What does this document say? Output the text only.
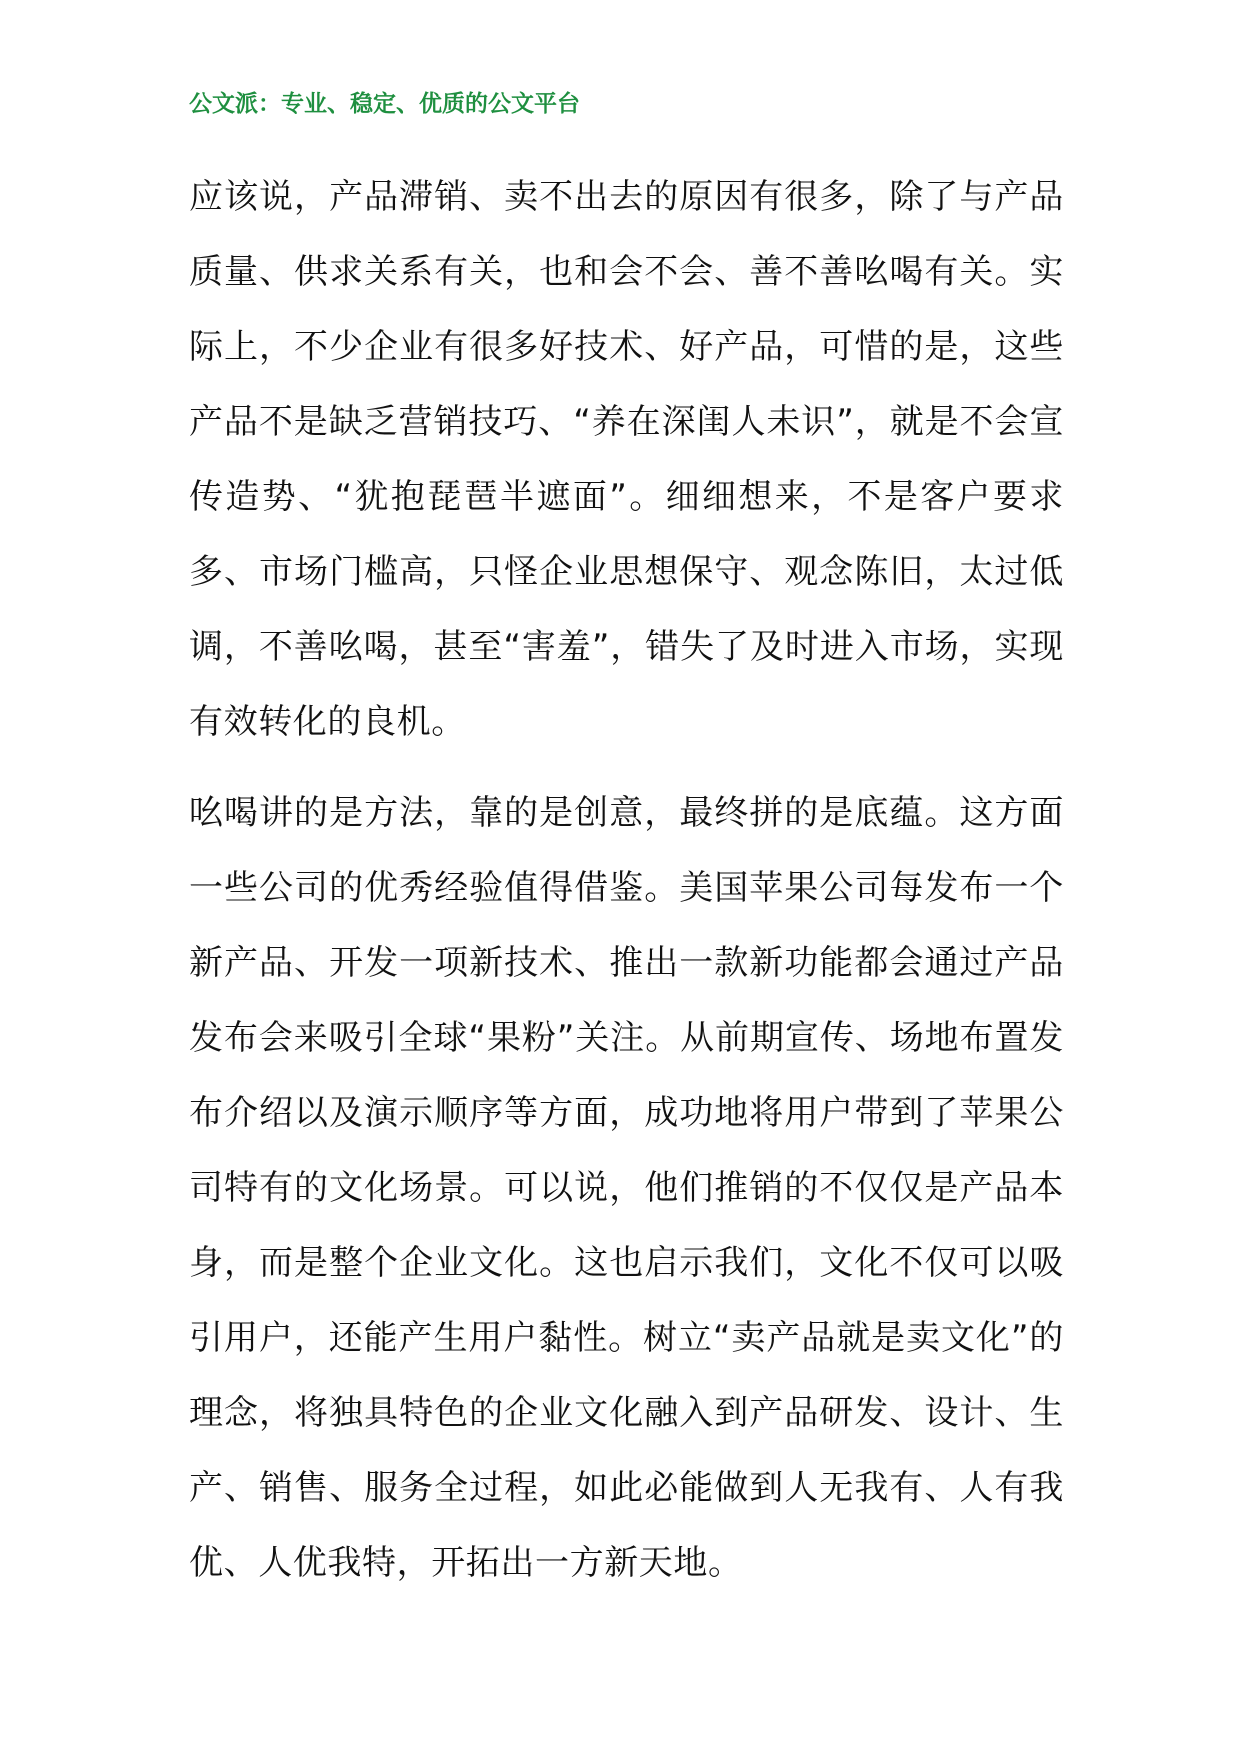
公文派：专业、稳定、优质的公文平台

应该说，产品滞销、卖不出去的原因有很多，除了与产品质量、供求关系有关，也和会不会、善不善吆喝有关。实际上，不少企业有很多好技术、好产品，可惜的是，这些产品不是缺乏营销技巧、“养在深闺人未识”，就是不会宣传造势、“犹抱琵琶半遮面”。细细想来，不是客户要求多、市场门槛高，只怪企业思想保守、观念陈旧，太过低调，不善吆喝，甚至“害羞”，错失了及时进入市场，实现有效转化的良机。

吆喝讲的是方法，靠的是创意，最终拼的是底蕴。这方面一些公司的优秀经验值得借鉴。美国苹果公司每发布一个新产品、开发一项新技术、推出一款新功能都会通过产品发布会来吸引全球“果粉”关注。从前期宣传、场地布置发布介绍以及演示顺序等方面，成功地将用户带到了苹果公司特有的文化场景。可以说，他们推销的不仅仅是产品本身，而是整个企业文化。这也启示我们，文化不仅可以吸引用户，还能产生用户黏性。树立“卖产品就是卖文化”的理念，将独具特色的企业文化融入到产品研发、设计、生产、销售、服务全过程，如此必能做到人无我有、人有我优、人优我特，开拓出一方新天地。
